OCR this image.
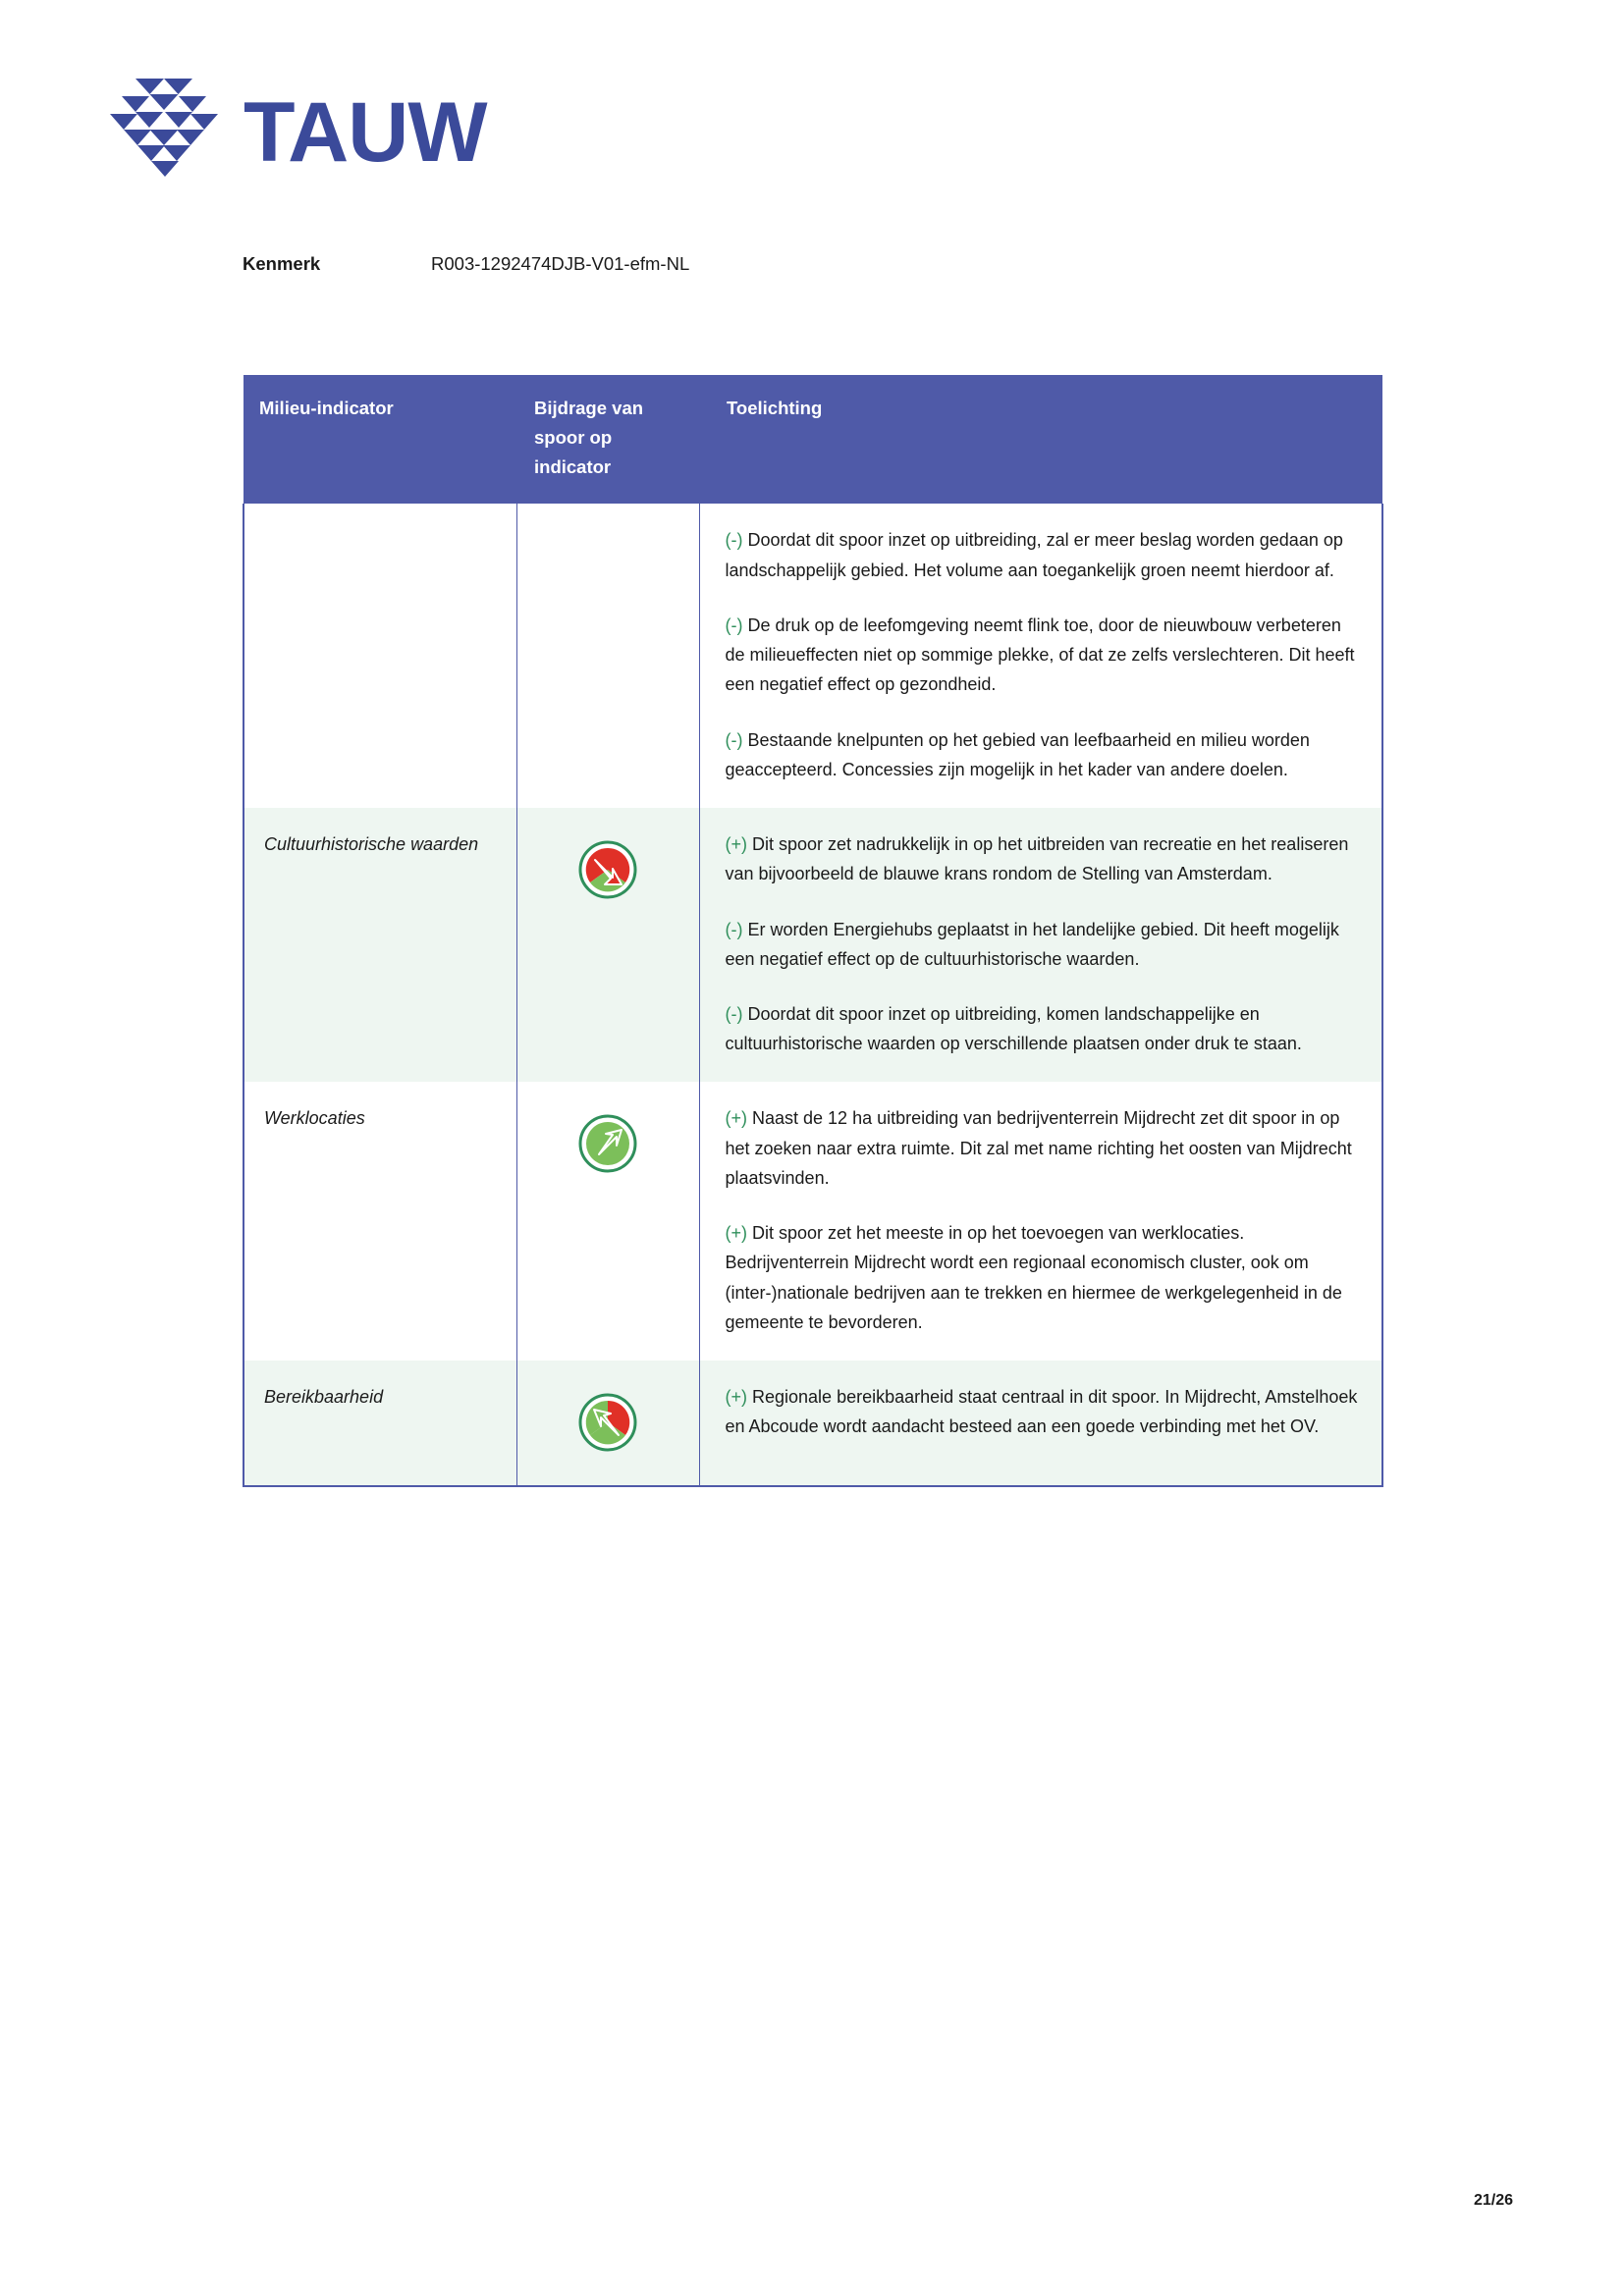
TAUW
Kenmerk	R003-1292474DJB-V01-efm-NL
Milieu-indicator	Bijdrage van spoor op indicator	Toelichting

		(-) Doordat dit spoor inzet op uitbreiding, zal er meer beslag worden gedaan op landschappelijk gebied. Het volume aan toegankelijk groen neemt hierdoor af.

(-) De druk op de leefomgeving neemt flink toe, door de nieuwbouw verbeteren de milieueffecten niet op sommige plekke, of dat ze zelfs verslechteren. Dit heeft een negatief effect op gezondheid.

(-) Bestaande knelpunten op het gebied van leefbaarheid en milieu worden geaccepteerd. Concessies zijn mogelijk in het kader van andere doelen.

Cultuurhistorische waarden		(+) Dit spoor zet nadrukkelijk in op het uitbreiden van recreatie en het realiseren van bijvoorbeeld de blauwe krans rondom de Stelling van Amsterdam.

(-) Er worden Energiehubs geplaatst in het landelijke gebied. Dit heeft mogelijk een negatief effect op de cultuurhistorische waarden.

(-) Doordat dit spoor inzet op uitbreiding, komen landschappelijke en cultuurhistorische waarden op verschillende plaatsen onder druk te staan.

Werklocaties		(+) Naast de 12 ha uitbreiding van bedrijventerrein Mijdrecht zet dit spoor in op het zoeken naar extra ruimte. Dit zal met name richting het oosten van Mijdrecht plaatsvinden.

(+) Dit spoor zet het meeste in op het toevoegen van werklocaties. Bedrijventerrein Mijdrecht wordt een regionaal economisch cluster, ook om (inter-)nationale bedrijven aan te trekken en hiermee de werkgelegenheid in de gemeente te bevorderen.

Bereikbaarheid		(+) Regionale bereikbaarheid staat centraal in dit spoor. In Mijdrecht, Amstelhoek en Abcoude wordt aandacht besteed aan een goede verbinding met het OV.

21/26
